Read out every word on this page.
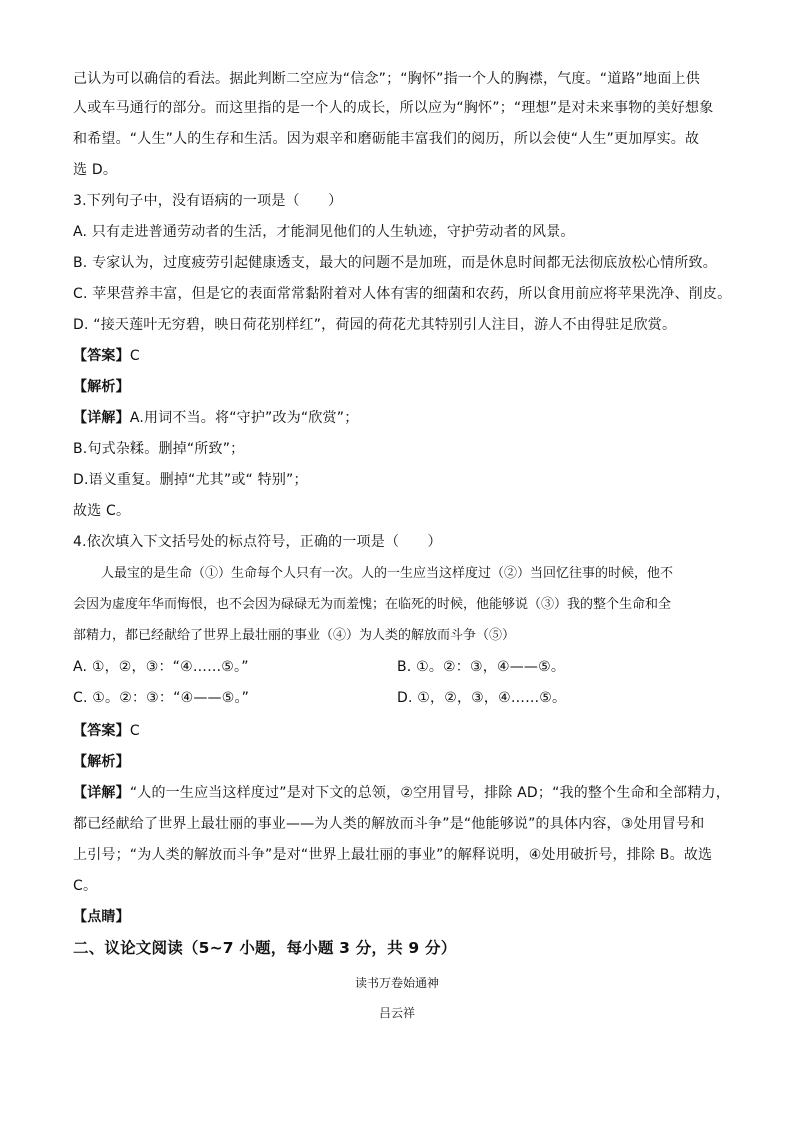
己认为可以确信的看法。据此判断二空应为“信念”；“胸怀”指一个人的胸襟，气度。“道路”地面上供
人或车马通行的部分。而这里指的是一个人的成长，所以应为“胸怀”；“理想”是对未来事物的美好想象
和希望。“人生”人的生存和生活。因为艰辛和磨砺能丰富我们的阅历，所以会使“人生”更加厚实。故
选 D。
3.下列句子中，没有语病的一项是（　　）
A. 只有走进普通劳动者的生活，才能洞见他们的人生轨迹，守护劳动者的风景。
B. 专家认为，过度疲劳引起健康透支，最大的问题不是加班，而是休息时间都无法彻底放松心情所致。
C. 苹果营养丰富，但是它的表面常常黏附着对人体有害的细菌和农药，所以食用前应将苹果洗净、削皮。
D. “接天莲叶无穷碧，映日荷花别样红”，荷园的荷花尤其特别引人注目，游人不由得驻足欣赏。
【答案】C
【解析】
【详解】A.用词不当。将“守护”改为“欣赏”；
B.句式杂糅。删掉“所致”；
D.语义重复。删掉“尤其”或“ 特别”；
故选 C。
4.依次填入下文括号处的标点符号，正确的一项是（　　）
人最宝的是生命（①）生命每个人只有一次。人的一生应当这样度过（②）当回忆往事的时候，他不
会因为虚度年华而悔恨，也不会因为碌碌无为而羞愧；在临死的时候，他能够说（③）我的整个生命和全
部精力，都已经献给了世界上最壮丽的事业（④）为人类的解放而斗争（⑤）
A. ①，②，③：“④……⑤。”	B. ①。②：③，④——⑤。
C. ①。②：③：“④——⑤。”	D. ①，②，③，④……⑤。
【答案】C
【解析】
【详解】“人的一生应当这样度过”是对下文的总领，②空用冒号，排除 AD；“我的整个生命和全部精力，
都已经献给了世界上最壮丽的事业——为人类的解放而斗争”是“他能够说”的具体内容，③处用冒号和
上引号；“为人类的解放而斗争”是对“世界上最壮丽的事业”的解释说明，④处用破折号，排除 B。故选
C。
【点睛】
二、议论文阅读（5~7 小题，每小题 3 分，共 9 分）
读书万卷始通神
吕云祥
